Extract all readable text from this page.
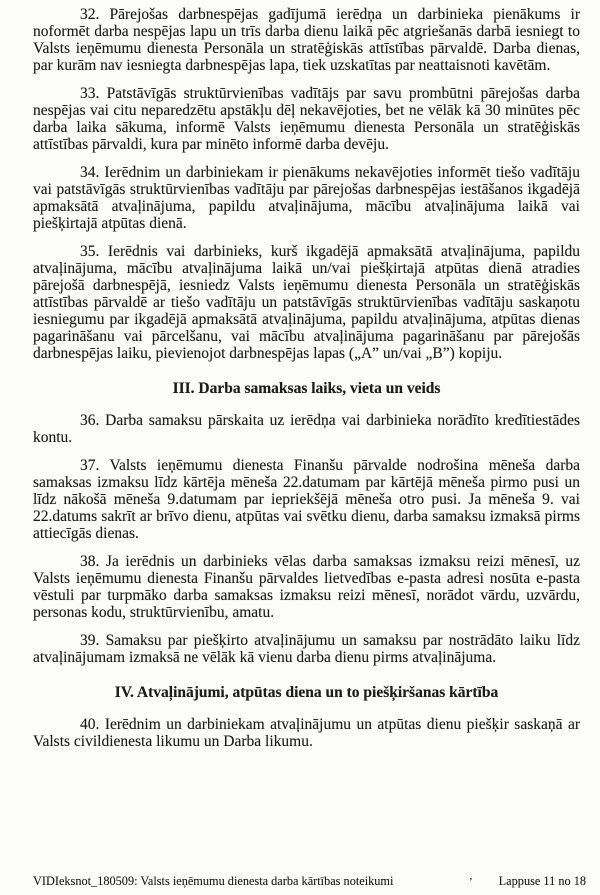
32. Pārejošas darbnespējas gadījumā ierēdņa un darbinieka pienākums ir noformēt darba nespējas lapu un trīs darba dienu laikā pēc atgriešanās darbā iesniegt to Valsts ieņēmumu dienesta Personāla un stratēģiskās attīstības pārvaldē. Darba dienas, par kurām nav iesniegta darbnespējas lapa, tiek uzskatītas par neattaisnoti kavētām.

33. Patstāvīgās struktūrvienības vadītājs par savu prombūtni pārejošas darba nespējas vai citu neparedzētu apstākļu dēļ nekavējoties, bet ne vēlāk kā 30 minūtes pēc darba laika sākuma, informē Valsts ieņēmumu dienesta Personāla un stratēģiskās attīstības pārvaldi, kura par minēto informē darba devēju.

34. Ierēdnim un darbiniekam ir pienākums nekavējoties informēt tiešo vadītāju vai patstāvīgās struktūrvienības vadītāju par pārejošas darbnespējas iestāšanos ikgadējā apmaksātā atvaļinājuma, papildu atvaļinājuma, mācību atvaļinājuma laikā vai piešķirtajā atpūtas dienā.

35. Ierēdnis vai darbinieks, kurš ikgadējā apmaksātā atvaļinājuma, papildu atvaļinājuma, mācību atvaļinājuma laikā un/vai piešķirtajā atpūtas dienā atradies pārejošā darbnespējā, iesniedz Valsts ieņēmumu dienesta Personāla un stratēģiskās attīstības pārvaldē ar tiešo vadītāju un patstāvīgās struktūrvienības vadītāju saskaņotu iesniegumu par ikgadējā apmaksātā atvaļinājuma, papildu atvaļinājuma, atpūtas dienas pagarināšanu vai pārcelšanu, vai mācību atvaļinājuma pagarināšanu par pārejošās darbnespējas laiku, pievienojot darbnespējas lapas („A” un/vai „B”) kopiju.

III. Darba samaksas laiks, vieta un veids

36. Darba samaksu pārskaita uz ierēdņa vai darbinieka norādīto kredītiestādes kontu.

37. Valsts ieņēmumu dienesta Finanšu pārvalde nodrošina mēneša darba samaksas izmaksu līdz kārtēja mēneša 22.datumam par kārtējā mēneša pirmo pusi un līdz nākošā mēneša 9.datumam par iepriekšējā mēneša otro pusi. Ja mēneša 9. vai 22.datums sakrīt ar brīvo dienu, atpūtas vai svētku dienu, darba samaksu izmaksā pirms attiecīgās dienas.

38. Ja ierēdnis un darbinieks vēlas darba samaksas izmaksu reizi mēnesī, uz Valsts ieņēmumu dienesta Finanšu pārvaldes lietvedības e-pasta adresi nosūta e-pasta vēstuli par turpmāko darba samaksas izmaksu reizi mēnesī, norādot vārdu, uzvārdu, personas kodu, struktūrvienību, amatu.

39. Samaksu par piešķirto atvaļinājumu un samaksu par nostrādāto laiku līdz atvaļinājumam izmaksā ne vēlāk kā vienu darba dienu pirms atvaļinājuma.

IV. Atvaļinājumi, atpūtas diena un to piešķiršanas kārtība

40. Ierēdnim un darbiniekam atvaļinājumu un atpūtas dienu piešķir saskaņā ar Valsts civildienesta likumu un Darba likumu.

VIDIeksnot_180509: Valsts ieņēmumu dienesta darba kārtības noteikumi	’ Lappuse 11 no 18
